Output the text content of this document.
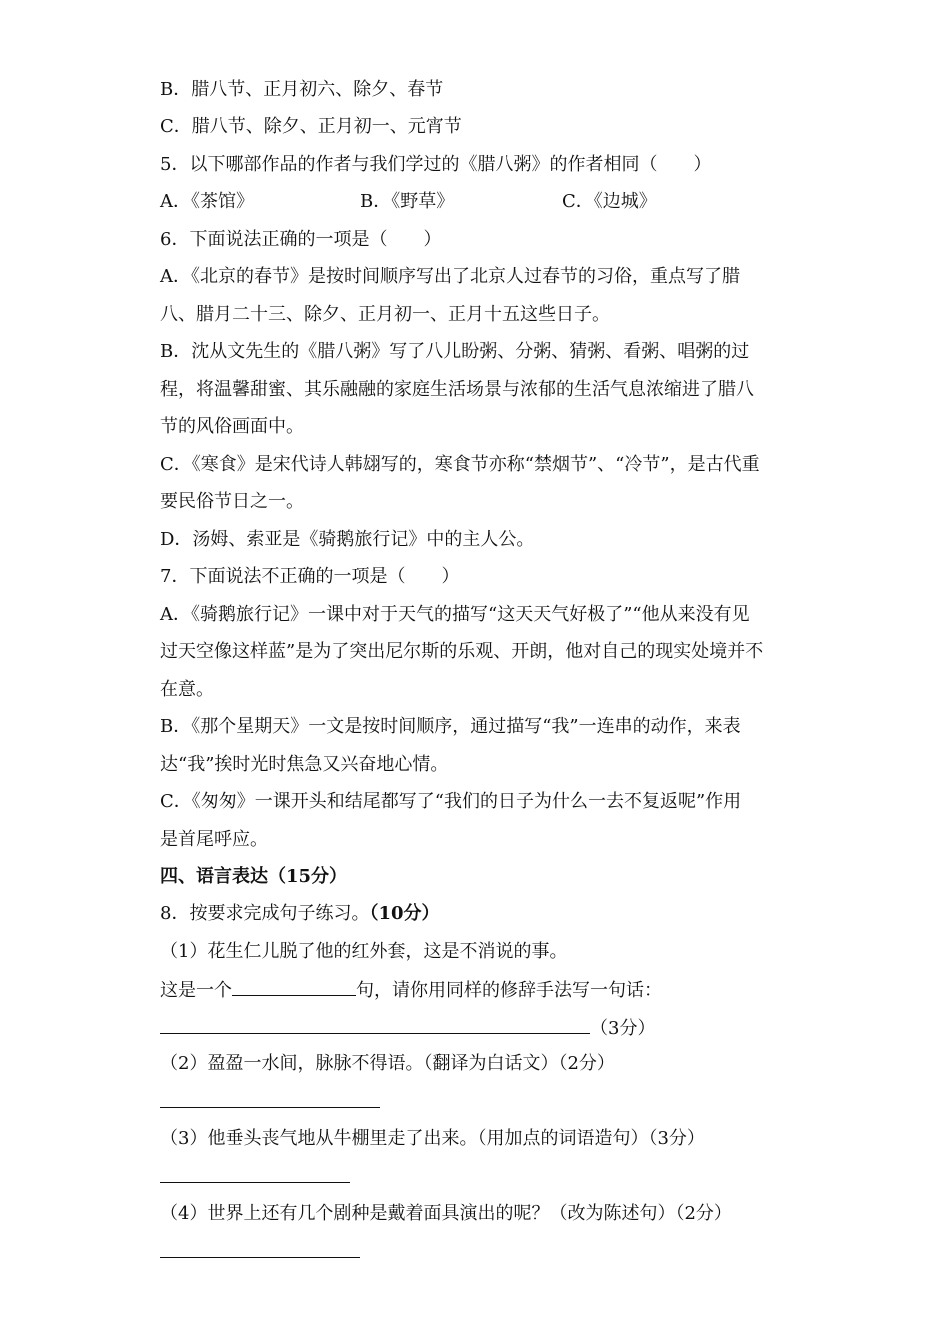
B．腊八节、正月初六、除夕、春节
C．腊八节、除夕、正月初一、元宵节
5．以下哪部作品的作者与我们学过的《腊八粥》的作者相同（　　）
A．《茶馆》	B．《野草》	C．《边城》
6．下面说法正确的一项是（　　）
A．《北京的春节》是按时间顺序写出了北京人过春节的习俗，重点写了腊
八、腊月二十三、除夕、正月初一、正月十五这些日子。
B．沈从文先生的《腊八粥》写了八儿盼粥、分粥、猜粥、看粥、唱粥的过
程，将温馨甜蜜、其乐融融的家庭生活场景与浓郁的生活气息浓缩进了腊八
节的风俗画面中。
C．《寒食》是宋代诗人韩翃写的，寒食节亦称“禁烟节”、“冷节”，是古代重
要民俗节日之一。
D．汤姆、索亚是《骑鹅旅行记》中的主人公。
7．下面说法不正确的一项是（　　）
A．《骑鹅旅行记》一课中对于天气的描写“这天天气好极了”“他从来没有见
过天空像这样蓝”是为了突出尼尔斯的乐观、开朗，他对自己的现实处境并不
在意。
B．《那个星期天》一文是按时间顺序，通过描写“我”一连串的动作，来表
达“我”挨时光时焦急又兴奋地心情。
C．《匆匆》一课开头和结尾都写了“我们的日子为什么一去不复返呢”作用
是首尾呼应。
四、语言表达（15分）
8．按要求完成句子练习。（10分）
（1）花生仁儿脱了他的红外套，这是不消说的事。
这是一个	句，请你用同样的修辞手法写一句话：
（3分）
（2）盈盈一水间，脉脉不得语。（翻译为白话文）（2分）
（3）他垂头丧气地从牛棚里走了出来。（用加点的词语造句）（3分）
（4）世界上还有几个剧种是戴着面具演出的呢？（改为陈述句）（2分）
